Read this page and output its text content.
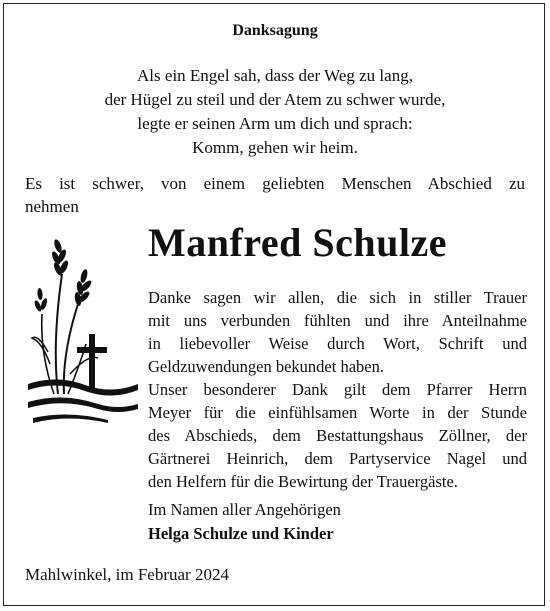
Danksagung
Als ein Engel sah, dass der Weg zu lang,
der Hügel zu steil und der Atem zu schwer wurde,
legte er seinen Arm um dich und sprach:
Komm, gehen wir heim.
Es ist schwer, von einem geliebten Menschen Abschied zu
nehmen
Manfred Schulze
Danke sagen wir allen, die sich in stiller Trauer
mit uns verbunden fühlten und ihre Anteilnahme
in liebevoller Weise durch Wort, Schrift und
Geldzuwendungen bekundet haben.
Unser besonderer Dank gilt dem Pfarrer Herrn
Meyer für die einfühlsamen Worte in der Stunde
des Abschieds, dem Bestattungshaus Zöllner, der
Gärtnerei Heinrich, dem Partyservice Nagel und
den Helfern für die Bewirtung der Trauergäste.
Im Namen aller Angehörigen
Helga Schulze und Kinder
Mahlwinkel, im Februar 2024
